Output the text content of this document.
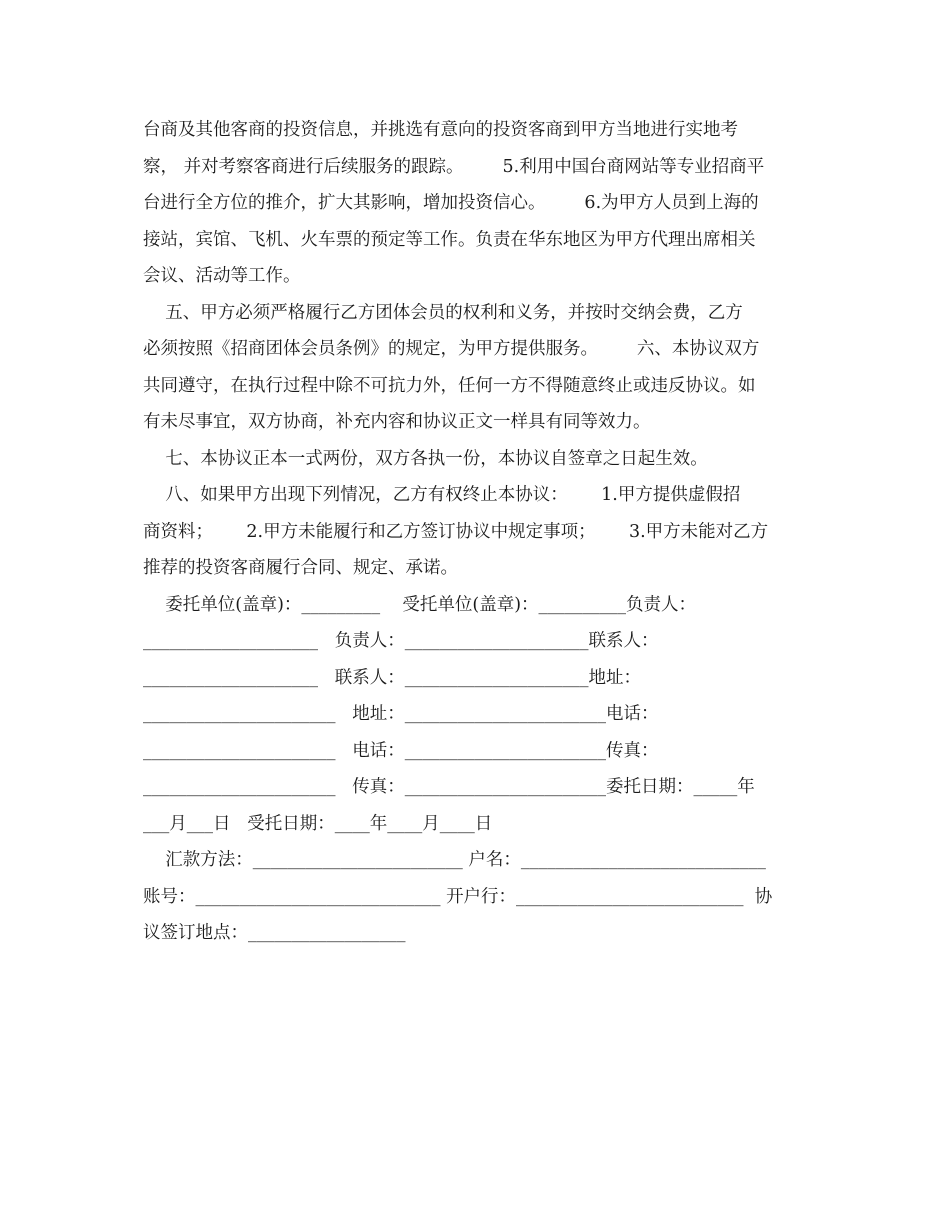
台商及其他客商的投资信息，并挑选有意向的投资客商到甲方当地进行实地考
察， 并对考察客商进行后续服务的跟踪。       5.利用中国台商网站等专业招商平
台进行全方位的推介，扩大其影响，增加投资信心。       6.为甲方人员到上海的
接站，宾馆、飞机、火车票的预定等工作。负责在华东地区为甲方代理出席相关
会议、活动等工作。
五、甲方必须严格履行乙方团体会员的权利和义务，并按时交纳会费，乙方
必须按照《招商团体会员条例》的规定，为甲方提供服务。       六、本协议双方
共同遵守，在执行过程中除不可抗力外，任何一方不得随意终止或违反协议。如
有未尽事宜，双方协商，补充内容和协议正文一样具有同等效力。
七、本协议正本一式两份，双方各执一份，本协议自签章之日起生效。
八、如果甲方出现下列情况，乙方有权终止本协议：      1.甲方提供虚假招
商资料；      2.甲方未能履行和乙方签订协议中规定事项；      3.甲方未能对乙方
推荐的投资客商履行合同、规定、承诺。
委托单位(盖章)：_________    受托单位(盖章)：__________负责人：
____________________   负责人：_____________________联系人：
____________________   联系人：_____________________地址：
______________________   地址：_______________________电话：
______________________   电话：_______________________传真：
______________________   传真：_______________________委托日期：_____年
___月___日   受托日期：____年____月____日
汇款方法：________________________ 户名：____________________________
账号：____________________________ 开户行：__________________________  协
议签订地点：__________________
